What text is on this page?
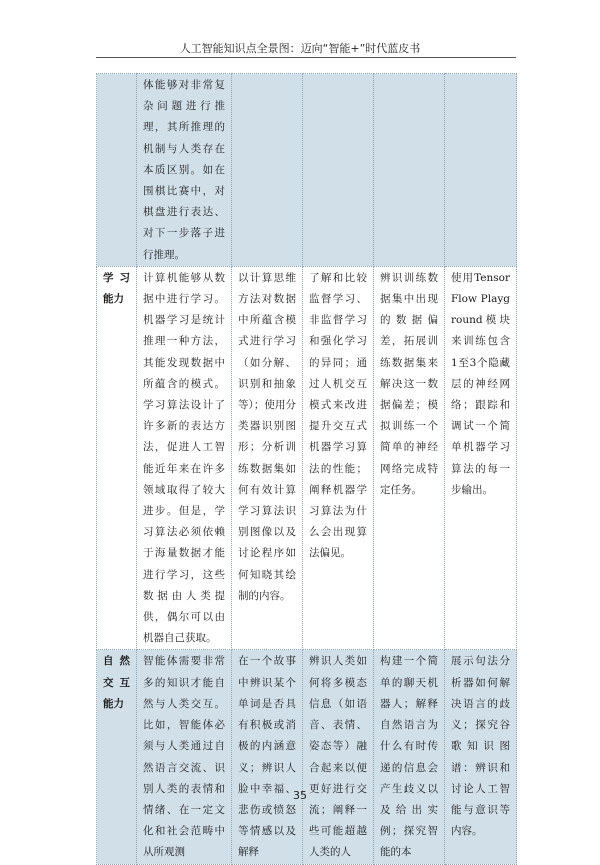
人工智能知识点全景图：迈向“智能+”时代蓝皮书
	体能够对非常复杂问题进行推理，其所推理的机制与人类存在本质区别。如在围棋比赛中，对棋盘进行表达、对下一步落子进行推理。				
学习能力	计算机能够从数据中进行学习。机器学习是统计推理一种方法，其能发现数据中所蕴含的模式。学习算法设计了许多新的表达方法，促进人工智能近年来在许多领域取得了较大进步。但是，学习算法必须依赖于海量数据才能进行学习，这些数据由人类提供，偶尔可以由机器自己获取。	以计算思维方法对数据中所蕴含模式进行学习（如分解、识别和抽象等）；使用分类器识别图形；分析训练数据集如何有效计算学习算法识别图像以及讨论程序如何知晓其绘制的内容。	了解和比较监督学习、非监督学习和强化学习的异同；通过人机交互模式来改进提升交互式机器学习算法的性能；阐释机器学习算法为什么会出现算法偏见。	辨识训练数据集中出现的数据偏差，拓展训练数据集来解决这一数据偏差；模拟训练一个简单的神经网络完成特定任务。	使用TensorFlow Playground模块来训练包含1至3个隐藏层的神经网络；跟踪和调试一个简单机器学习算法的每一步输出。
自然交互能力	智能体需要非常多的知识才能自然与人类交互。比如，智能体必须与人类通过自然语言交流、识别人类的表情和情绪、在一定文化和社会范畴中从所观测	在一个故事中辨识某个单词是否具有积极或消极的内涵意义；辨识人脸中幸福、悲伤或愤怒等情感以及解释	辨识人类如何将多模态信息（如语音、表情、姿态等）融合起来以便更好进行交流；阐释一些可能超越人类的人	构建一个简单的聊天机器人；解释自然语言为什么有时传递的信息会产生歧义以及给出实例；探究智能的本	展示句法分析器如何解决语言的歧义；探究谷歌知识图谱：辨识和讨论人工智能与意识等内容。
35
